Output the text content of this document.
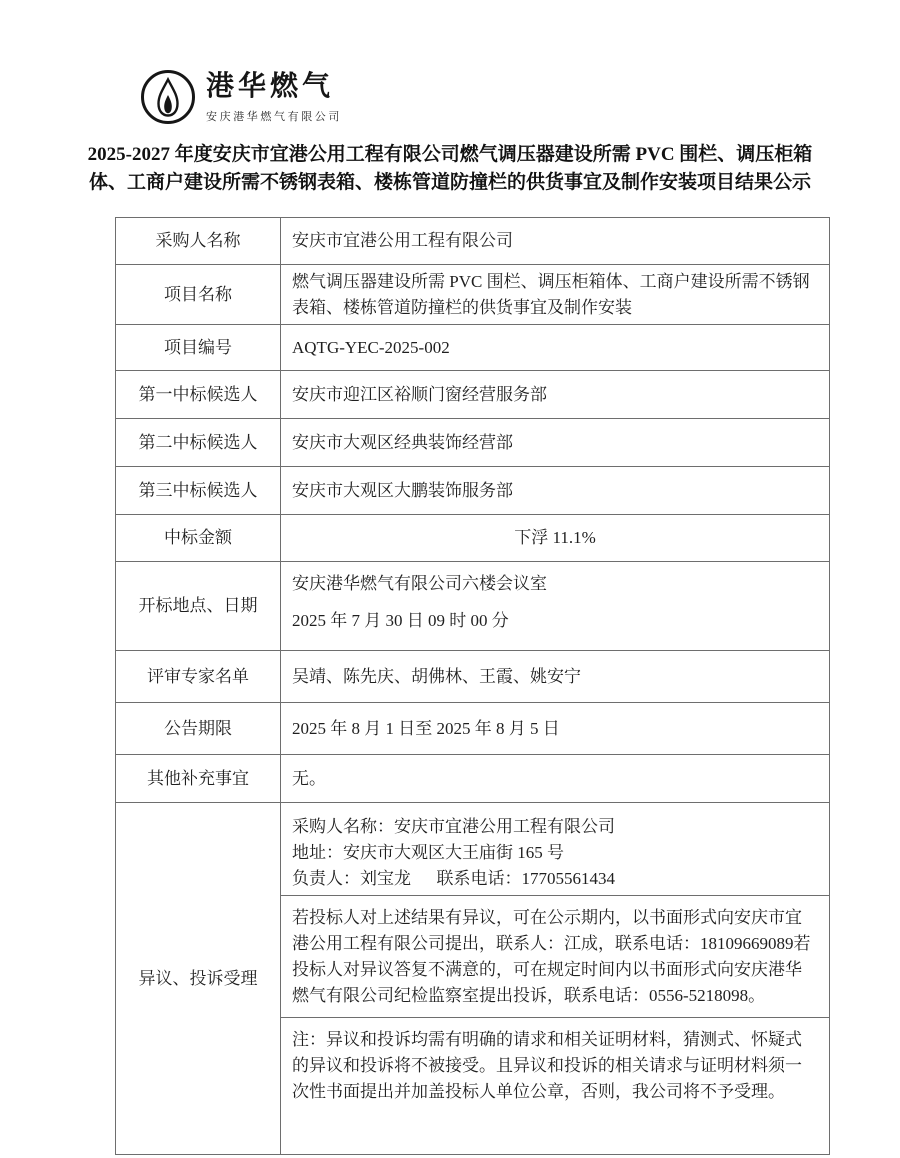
港华燃气
安庆港华燃气有限公司
2025-2027 年度安庆市宜港公用工程有限公司燃气调压器建设所需 PVC 围栏、调压柜箱体、工商户建设所需不锈钢表箱、楼栋管道防撞栏的供货事宜及制作安装项目结果公示
采购人名称	安庆市宜港公用工程有限公司
项目名称	燃气调压器建设所需 PVC 围栏、调压柜箱体、工商户建设所需不锈钢表箱、楼栋管道防撞栏的供货事宜及制作安装
项目编号	AQTG-YEC-2025-002
第一中标候选人	安庆市迎江区裕顺门窗经营服务部
第二中标候选人	安庆市大观区经典装饰经营部
第三中标候选人	安庆市大观区大鹏装饰服务部
中标金额	下浮 11.1%
开标地点、日期	安庆港华燃气有限公司六楼会议室
2025 年 7 月 30 日 09 时 00 分

评审专家名单	吴靖、陈先庆、胡佛林、王霞、姚安宁
公告期限	2025 年 8 月 1 日至 2025 年 8 月 5 日
其他补充事宜	无。
异议、投诉受理	采购人名称：安庆市宜港公用工程有限公司
地址：安庆市大观区大王庙街 165 号
负责人：刘宝龙      联系电话：17705561434
若投标人对上述结果有异议，可在公示期内，以书面形式向安庆市宜港公用工程有限公司提出，联系人：江成，联系电话：18109669089若投标人对异议答复不满意的，可在规定时间内以书面形式向安庆港华燃气有限公司纪检监察室提出投诉，联系电话：0556-5218098。
注：异议和投诉均需有明确的请求和相关证明材料，猜测式、怀疑式的异议和投诉将不被接受。且异议和投诉的相关请求与证明材料须一次性书面提出并加盖投标人单位公章，否则，我公司将不予受理。
